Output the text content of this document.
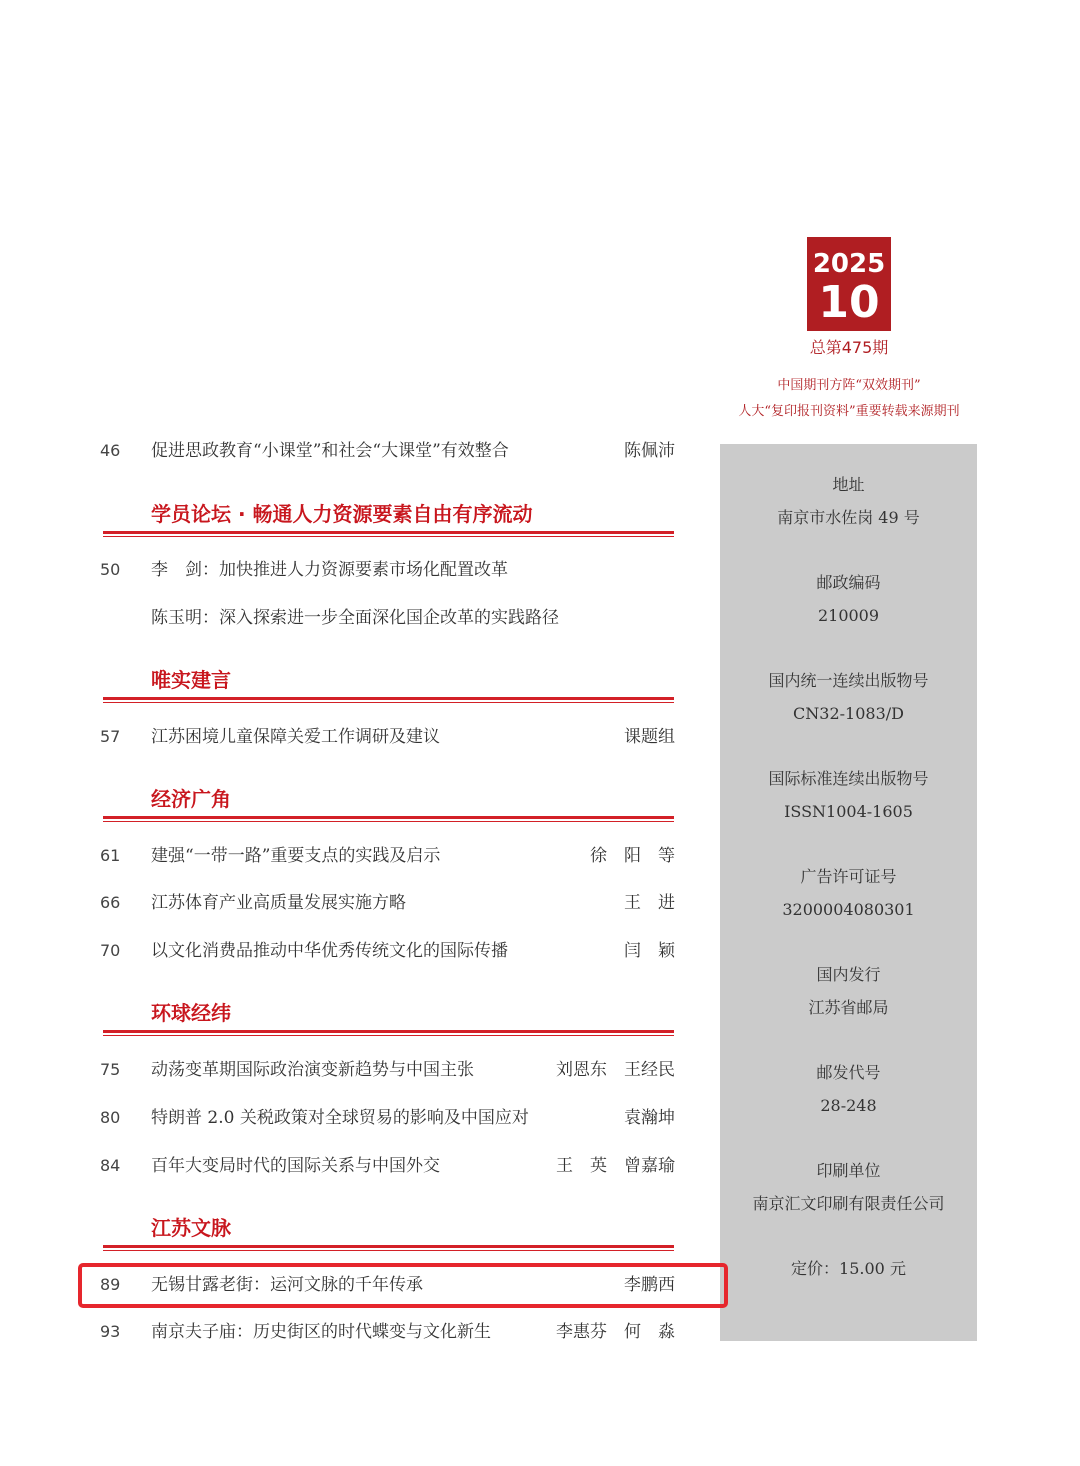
2025
10
总第475期
中国期刊方阵“双效期刊”
人大“复印报刊资料”重要转载来源期刊
地址
南京市水佐岗 49 号
邮政编码
210009
国内统一连续出版物号
CN32-1083/D
国际标准连续出版物号
ISSN1004-1605
广告许可证号
3200004080301
国内发行
江苏省邮局
邮发代号
28-248
印刷单位
南京汇文印刷有限责任公司
定价：15.00 元
46	促进思政教育“小课堂”和社会“大课堂”有效整合	陈佩沛
学员论坛 · 畅通人力资源要素自由有序流动
50	李　剑：加快推进人力资源要素市场化配置改革
陈玉明：深入探索进一步全面深化国企改革的实践路径
唯实建言
57	江苏困境儿童保障关爱工作调研及建议	课题组
经济广角
61	建强“一带一路”重要支点的实践及启示	徐　阳　等
66	江苏体育产业高质量发展实施方略	王　进
70	以文化消费品推动中华优秀传统文化的国际传播	闫　颖
环球经纬
75	动荡变革期国际政治演变新趋势与中国主张	刘恩东　王经民
80	特朗普 2.0 关税政策对全球贸易的影响及中国应对	袁瀚坤
84	百年大变局时代的国际关系与中国外交	王　英　曾嘉瑜
江苏文脉
89	无锡甘露老街：运河文脉的千年传承	李鹏西
93	南京夫子庙：历史街区的时代蝶变与文化新生	李惠芬　何　淼
